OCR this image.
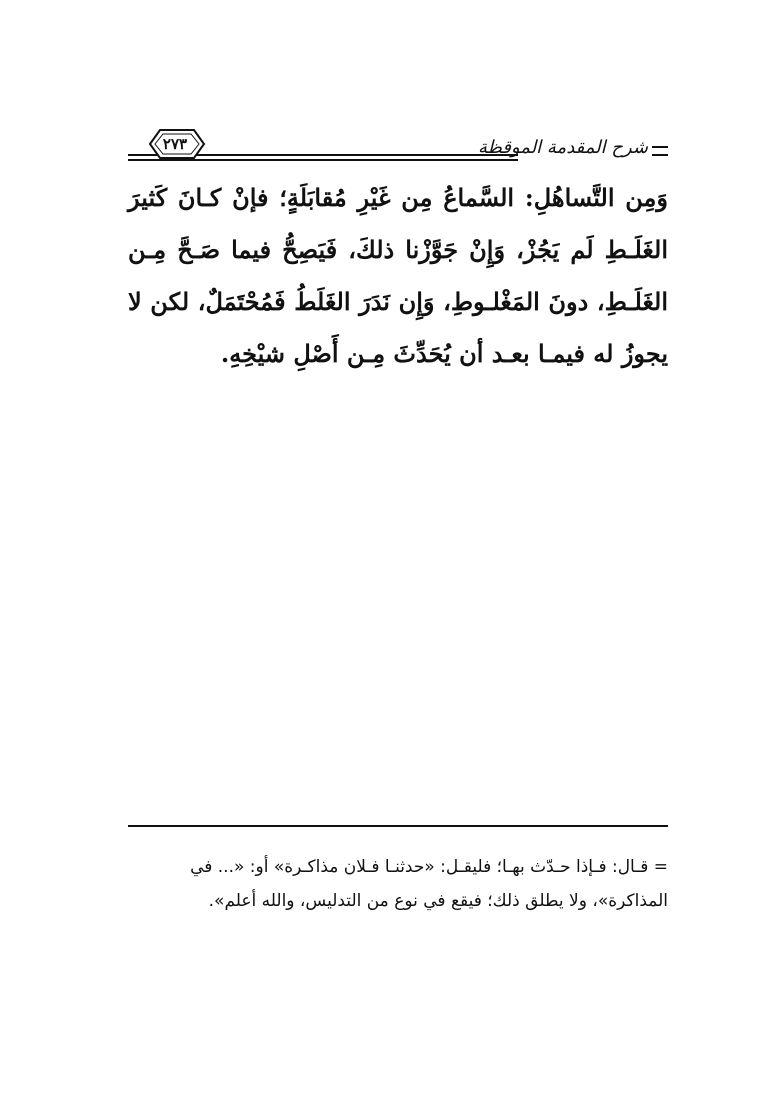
٢٧٣	شرح المقدمة الموقظة

وَمِن التَّساهُلِ: السَّماعُ مِن غَيْرِ مُقابَلَةٍ؛ فإنْ كـانَ كَثيرَ الغَلَـطِ لَم يَجُزْ، وَإِنْ جَوَّزْنا ذلكَ، فَيَصِحُّ فيما صَـحَّ مِـن الغَلَـطِ، دونَ المَغْلـوطِ، وَإِن نَدَرَ الغَلَطُ فَمُحْتَمَلٌ، لكن لا يجوزُ له فيمـا بعـد أن يُحَدِّثَ مِـن أَصْلِ شيْخِهِ.

= قـال: فـإذا حـدّث بهـا؛ فليقـل: «حدثنـا فـلان مذاكـرة» أو: «... في

المذاكرة»، ولا يطلق ذلك؛ فيقع في نوع من التدليس، والله أعلم».
